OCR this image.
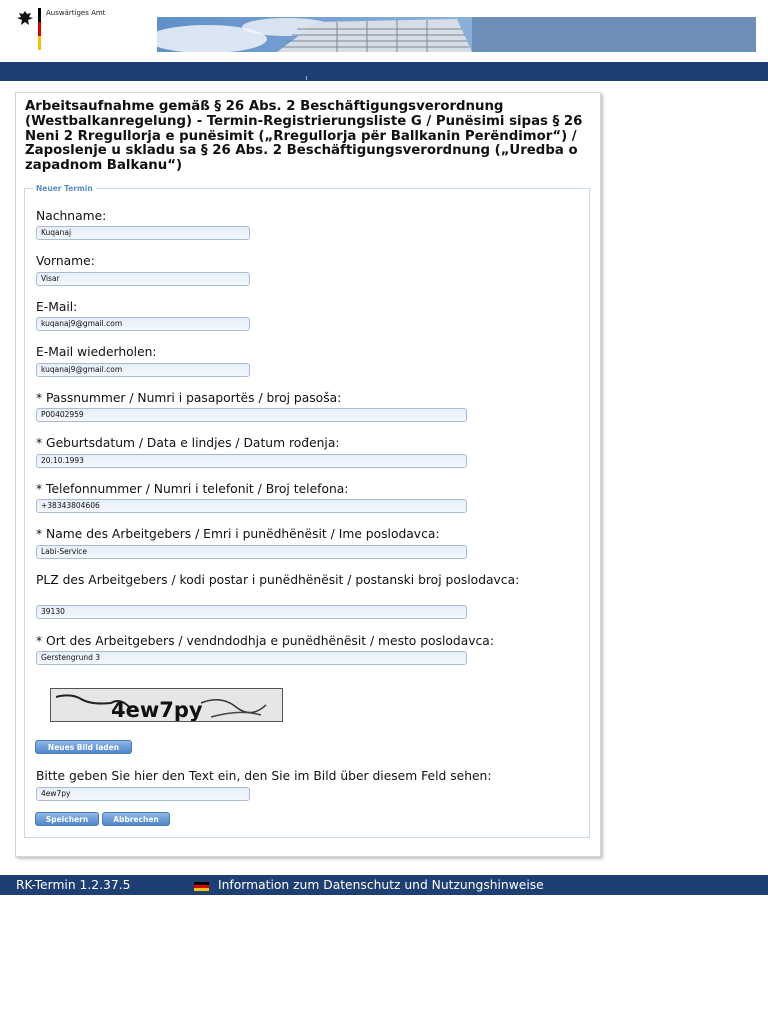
Auswärtiges Amt
Arbeitsaufnahme gemäß § 26 Abs. 2 Beschäftigungsverordnung (Westbalkanregelung) - Termin-Registrierungsliste G / Punësimi sipas § 26 Neni 2 Rregullorja e punësimit („Rregullorja për Ballkanin Perëndimor“) / Zaposlenje u skladu sa § 26 Abs. 2 Beschäftigungsverordnung („Uredba o zapadnom Balkanu“)
Neuer Termin
Nachname:
Kuqanaj
Vorname:
Visar
E-Mail:
kuqanaj9@gmail.com
E-Mail wiederholen:
kuqanaj9@gmail.com
* Passnummer / Numri i pasaportës / broj pasoša:
P00402959
* Geburtsdatum / Data e lindjes / Datum rođenja:
20.10.1993
* Telefonnummer / Numri i telefonit / Broj telefona:
+38343804606
* Name des Arbeitgebers / Emri i punëdhënësit / Ime poslodavca:
Labi-Service
PLZ des Arbeitgebers / kodi postar i punëdhënësit / postanski broj poslodavca:
39130
* Ort des Arbeitgebers / vendndodhja e punëdhënësit / mesto poslodavca:
Gerstengrund 3
4ew7py
Neues Bild laden
Bitte geben Sie hier den Text ein, den Sie im Bild über diesem Feld sehen:
4ew7py
Speichern	Abbrechen
RK-Termin 1.2.37.5	Information zum Datenschutz und Nutzungshinweise
